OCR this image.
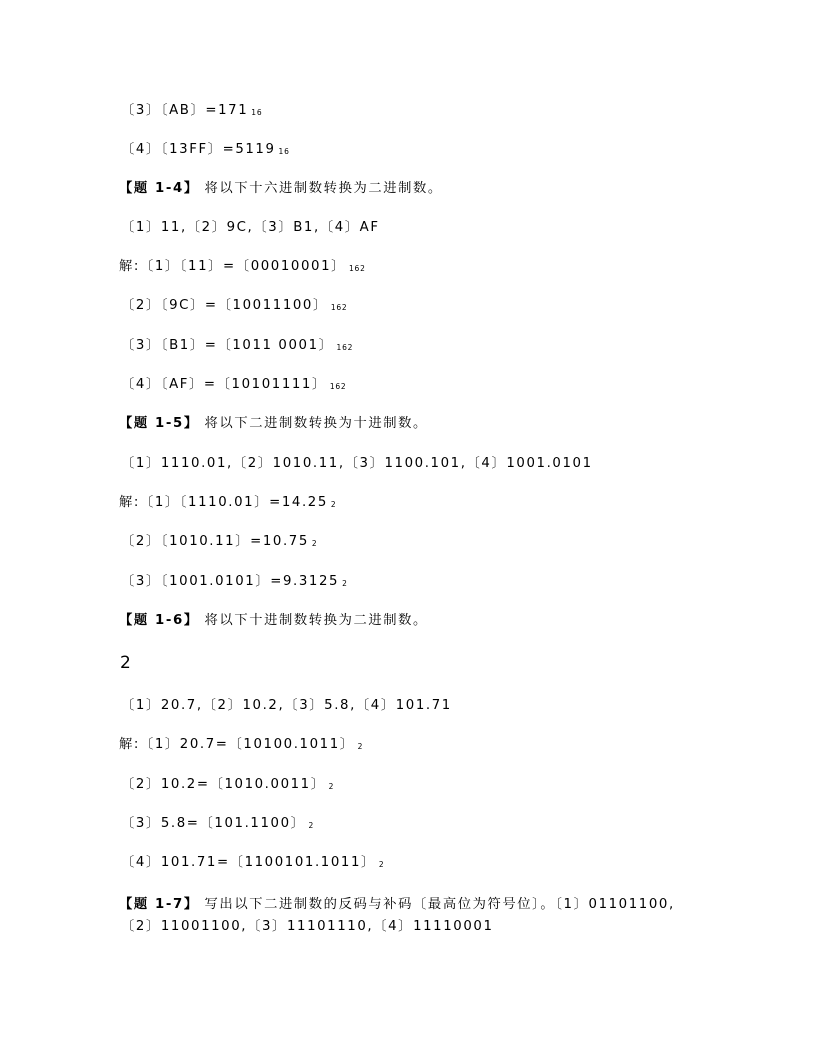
〔3〕〔AB〕=171 16
〔4〕〔13FF〕=5119 16
【题 1-4】 将以下十六进制数转换为二进制数。
〔1〕11,〔2〕9C,〔3〕B1,〔4〕AF
解:〔1〕〔11〕=〔00010001〕 162
〔2〕〔9C〕=〔10011100〕 162
〔3〕〔B1〕=〔1011 0001〕 162
〔4〕〔AF〕=〔10101111〕 162
【题 1-5】 将以下二进制数转换为十进制数。
〔1〕1110.01,〔2〕1010.11,〔3〕1100.101,〔4〕1001.0101
解:〔1〕〔1110.01〕=14.25 2
〔2〕〔1010.11〕=10.75 2
〔3〕〔1001.0101〕=9.3125 2
【题 1-6】 将以下十进制数转换为二进制数。
2
〔1〕20.7,〔2〕10.2,〔3〕5.8,〔4〕101.71
解:〔1〕20.7=〔10100.1011〕 2
〔2〕10.2=〔1010.0011〕 2
〔3〕5.8=〔101.1100〕 2
〔4〕101.71=〔1100101.1011〕 2
【题 1-7】 写出以下二进制数的反码与补码〔最高位为符号位〕。〔1〕01101100,
〔2〕11001100,〔3〕11101110,〔4〕11110001
